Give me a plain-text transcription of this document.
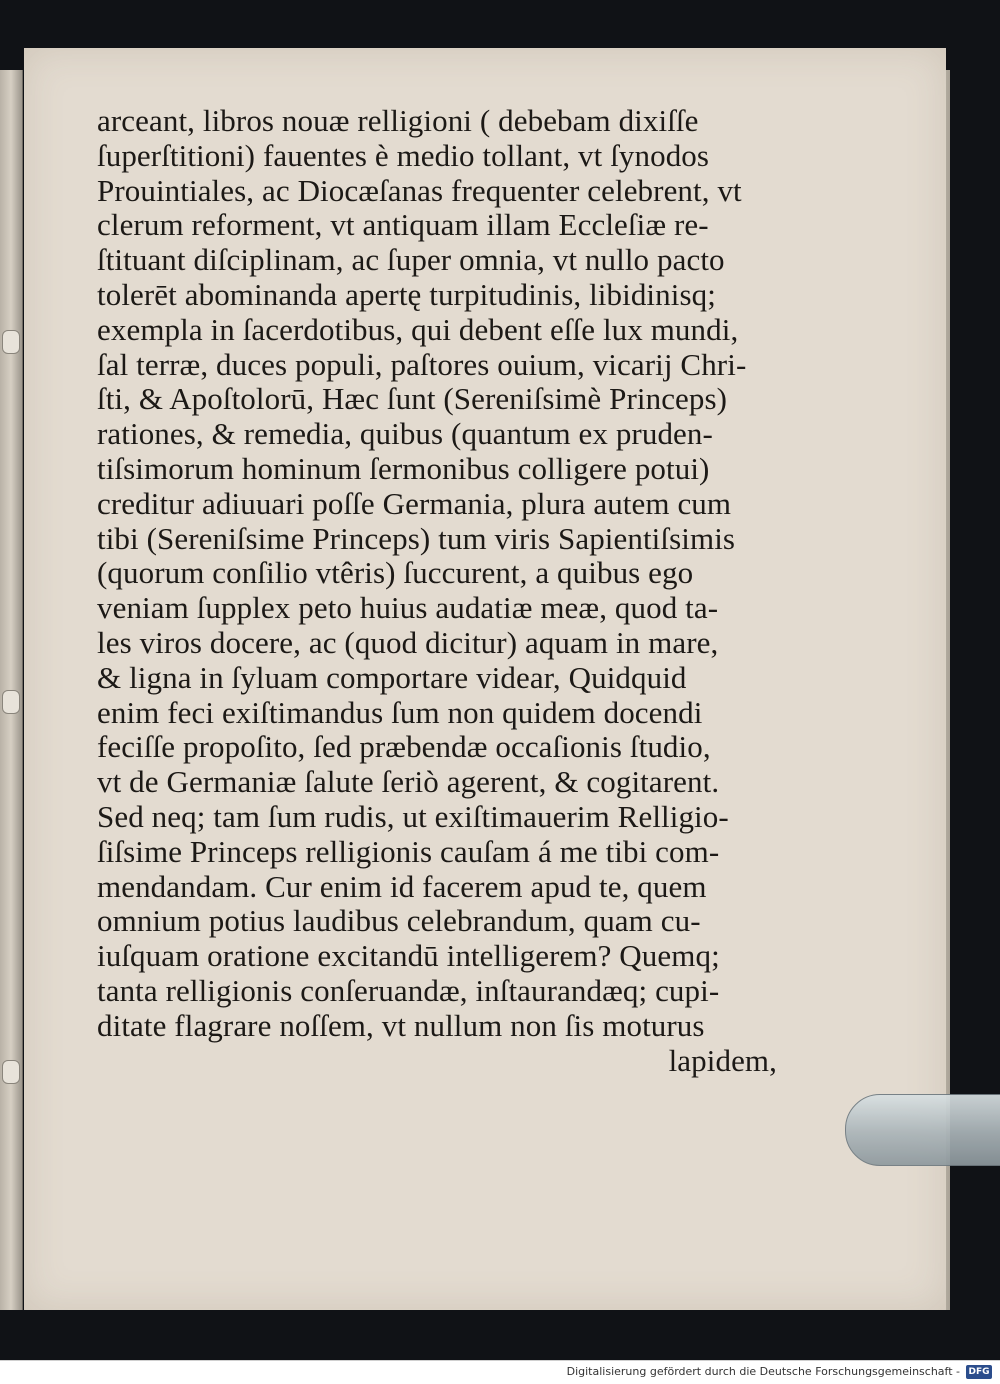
arceant, libros nouæ relligioni ( debebam dixiſſe
ſuperſtitioni) fauentes è medio tollant, vt ſynodos
Prouintiales, ac Diocæſanas frequenter celebrent, vt
clerum reforment, vt antiquam illam Eccleſiæ re-
ſtituant diſciplinam, ac ſuper omnia, vt nullo pacto
tolerēt abominanda apertę turpitudinis, libidinisq;
exempla in ſacerdotibus, qui debent eſſe lux mundi,
ſal terræ, duces populi, paſtores ouium, vicarij Chri-
ſti, & Apoſtolorū, Hæc ſunt (Sereniſsimè Princeps)
rationes, & remedia, quibus (quantum ex pruden-
tiſsimorum hominum ſermonibus colligere potui)
creditur adiuuari poſſe Germania, plura autem cum
tibi (Sereniſsime Princeps) tum viris Sapientiſsimis
(quorum conſilio vtêris) ſuccurent, a quibus ego
veniam ſupplex peto huius audatiæ meæ, quod ta-
les viros docere, ac (quod dicitur) aquam in mare,
& ligna in ſyluam comportare videar, Quidquid
enim feci exiſtimandus ſum non quidem docendi
feciſſe propoſito, ſed præbendæ occaſionis ſtudio,
vt de Germaniæ ſalute ſeriò agerent, & cogitarent.
Sed neq; tam ſum rudis, ut exiſtimauerim Relligio-
ſiſsime Princeps relligionis cauſam á me tibi com-
mendandam. Cur enim id facerem apud te, quem
omnium potius laudibus celebrandum, quam cu-
iuſquam oratione excitandū intelligerem? Quemq;
tanta relligionis conſeruandæ, inſtaurandæq; cupi-
ditate flagrare noſſem, vt nullum non ſis moturus
lapidem,
Digitalisierung gefördert durch die Deutsche Forschungsgemeinschaft - DFG
